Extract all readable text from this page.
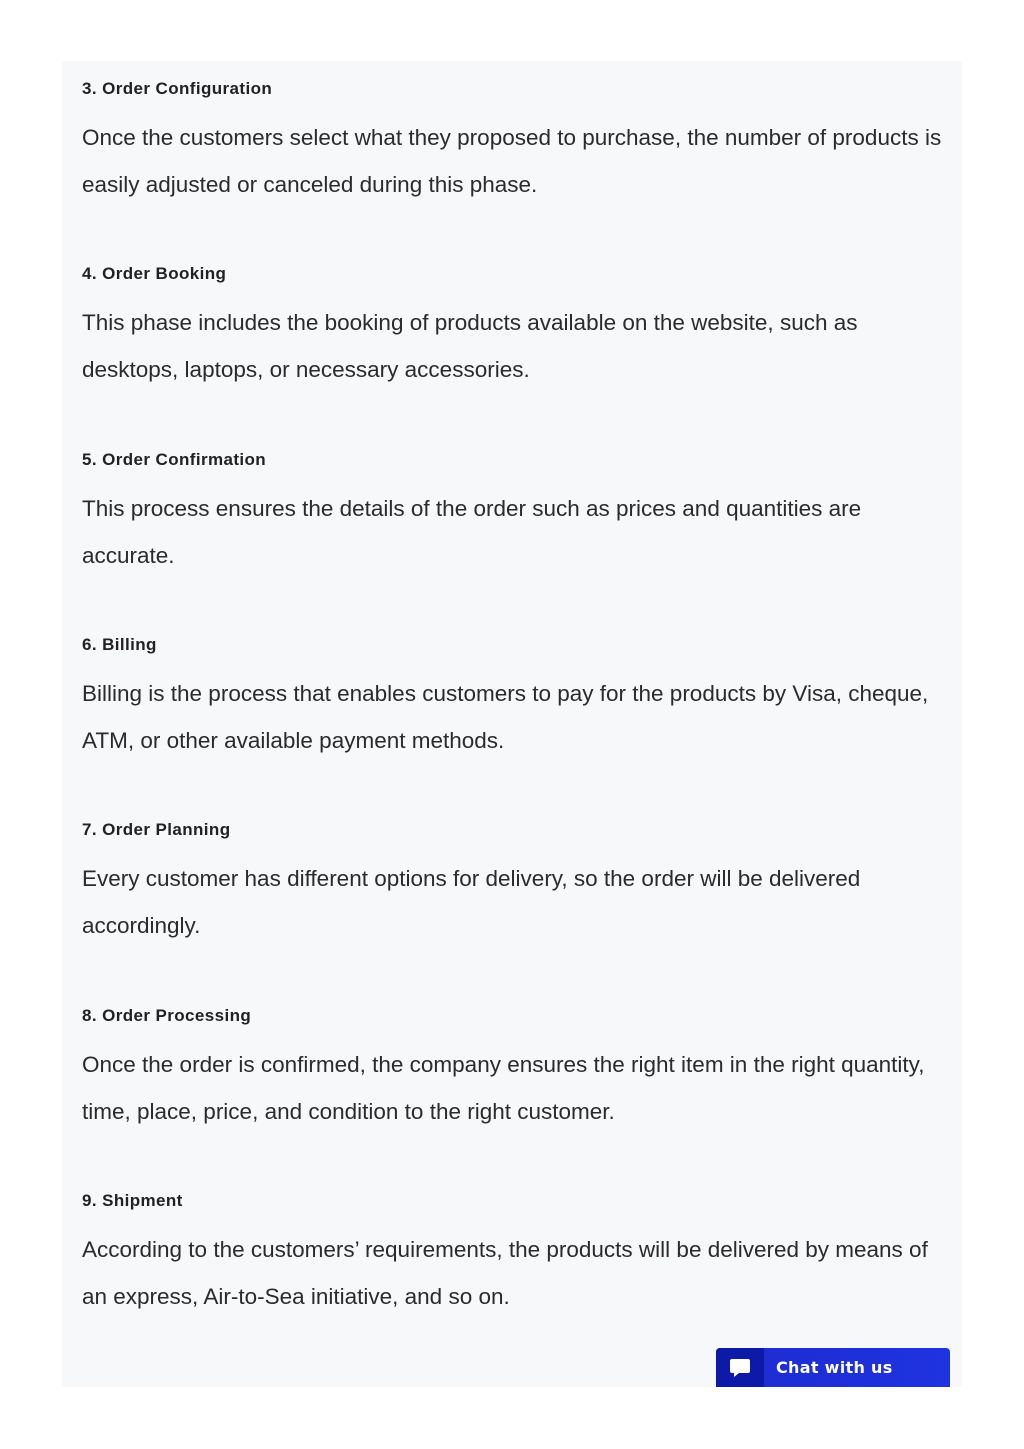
3. Order Configuration

Once the customers select what they proposed to purchase, the number of products is easily adjusted or canceled during this phase.

4. Order Booking

This phase includes the booking of products available on the website, such as desktops, laptops, or necessary accessories.

5. Order Confirmation

This process ensures the details of the order such as prices and quantities are accurate.

6. Billing

Billing is the process that enables customers to pay for the products by Visa, cheque, ATM, or other available payment methods.

7. Order Planning

Every customer has different options for delivery, so the order will be delivered accordingly.

8. Order Processing

Once the order is confirmed, the company ensures the right item in the right quantity, time, place, price, and condition to the right customer.

9. Shipment

According to the customers’ requirements, the products will be delivered by means of an express, Air-to-Sea initiative, and so on.

Chat with us
